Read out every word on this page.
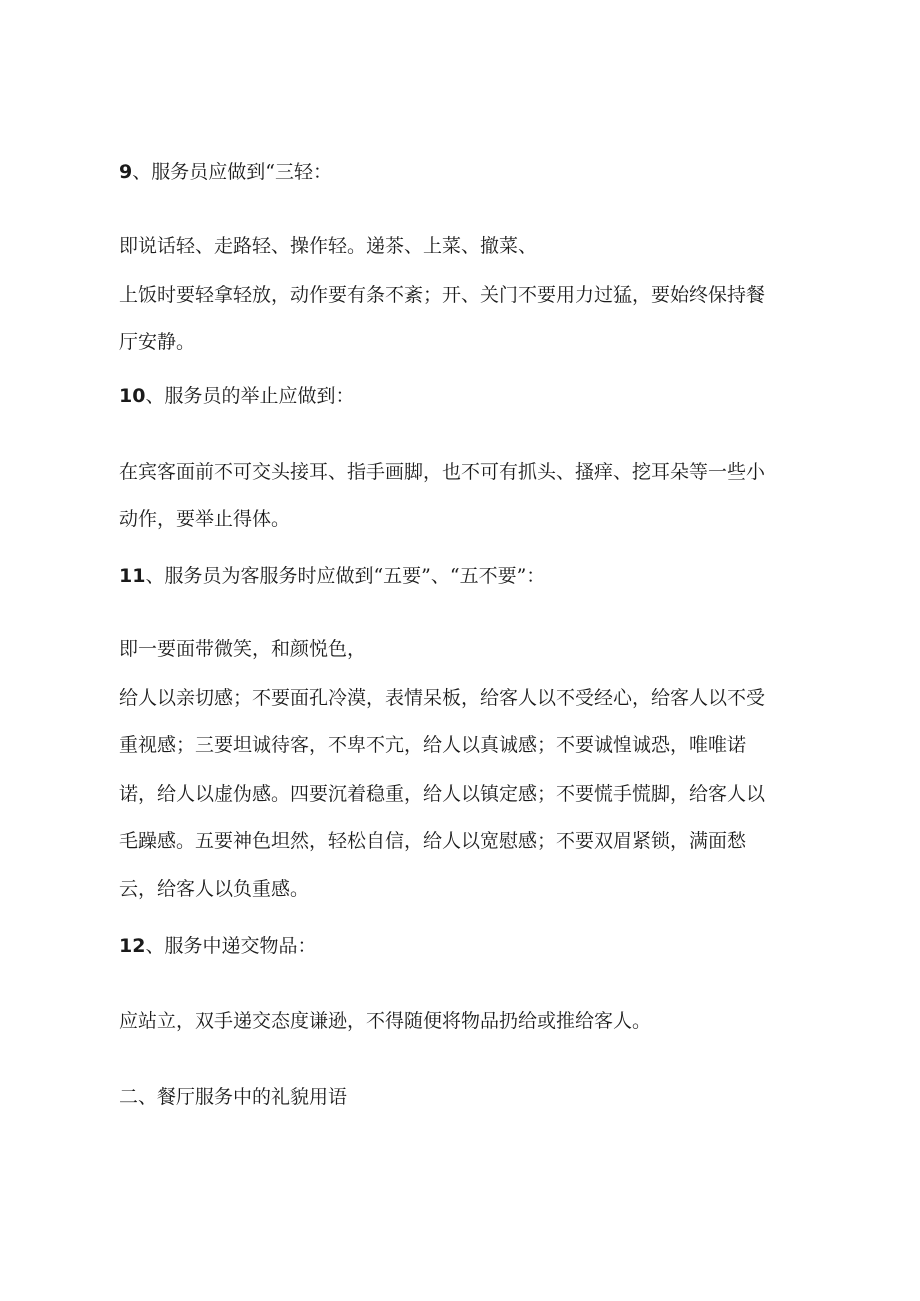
9、服务员应做到“三轻：
即说话轻、走路轻、操作轻。递茶、上菜、撤菜、
上饭时要轻拿轻放，动作要有条不紊；开、关门不要用力过猛，要始终保持餐
厅安静。
10、服务员的举止应做到：
在宾客面前不可交头接耳、指手画脚，也不可有抓头、搔痒、挖耳朵等一些小
动作，要举止得体。
11、服务员为客服务时应做到“五要”、“五不要”：
即一要面带微笑，和颜悦色，
给人以亲切感；不要面孔冷漠，表情呆板，给客人以不受经心，给客人以不受
重视感；三要坦诚待客，不卑不亢，给人以真诚感；不要诚惶诚恐，唯唯诺
诺，给人以虚伪感。四要沉着稳重，给人以镇定感；不要慌手慌脚，给客人以
毛躁感。五要神色坦然，轻松自信，给人以宽慰感；不要双眉紧锁，满面愁
云，给客人以负重感。
12、服务中递交物品：
应站立，双手递交态度谦逊，不得随便将物品扔给或推给客人。
二、餐厅服务中的礼貌用语
